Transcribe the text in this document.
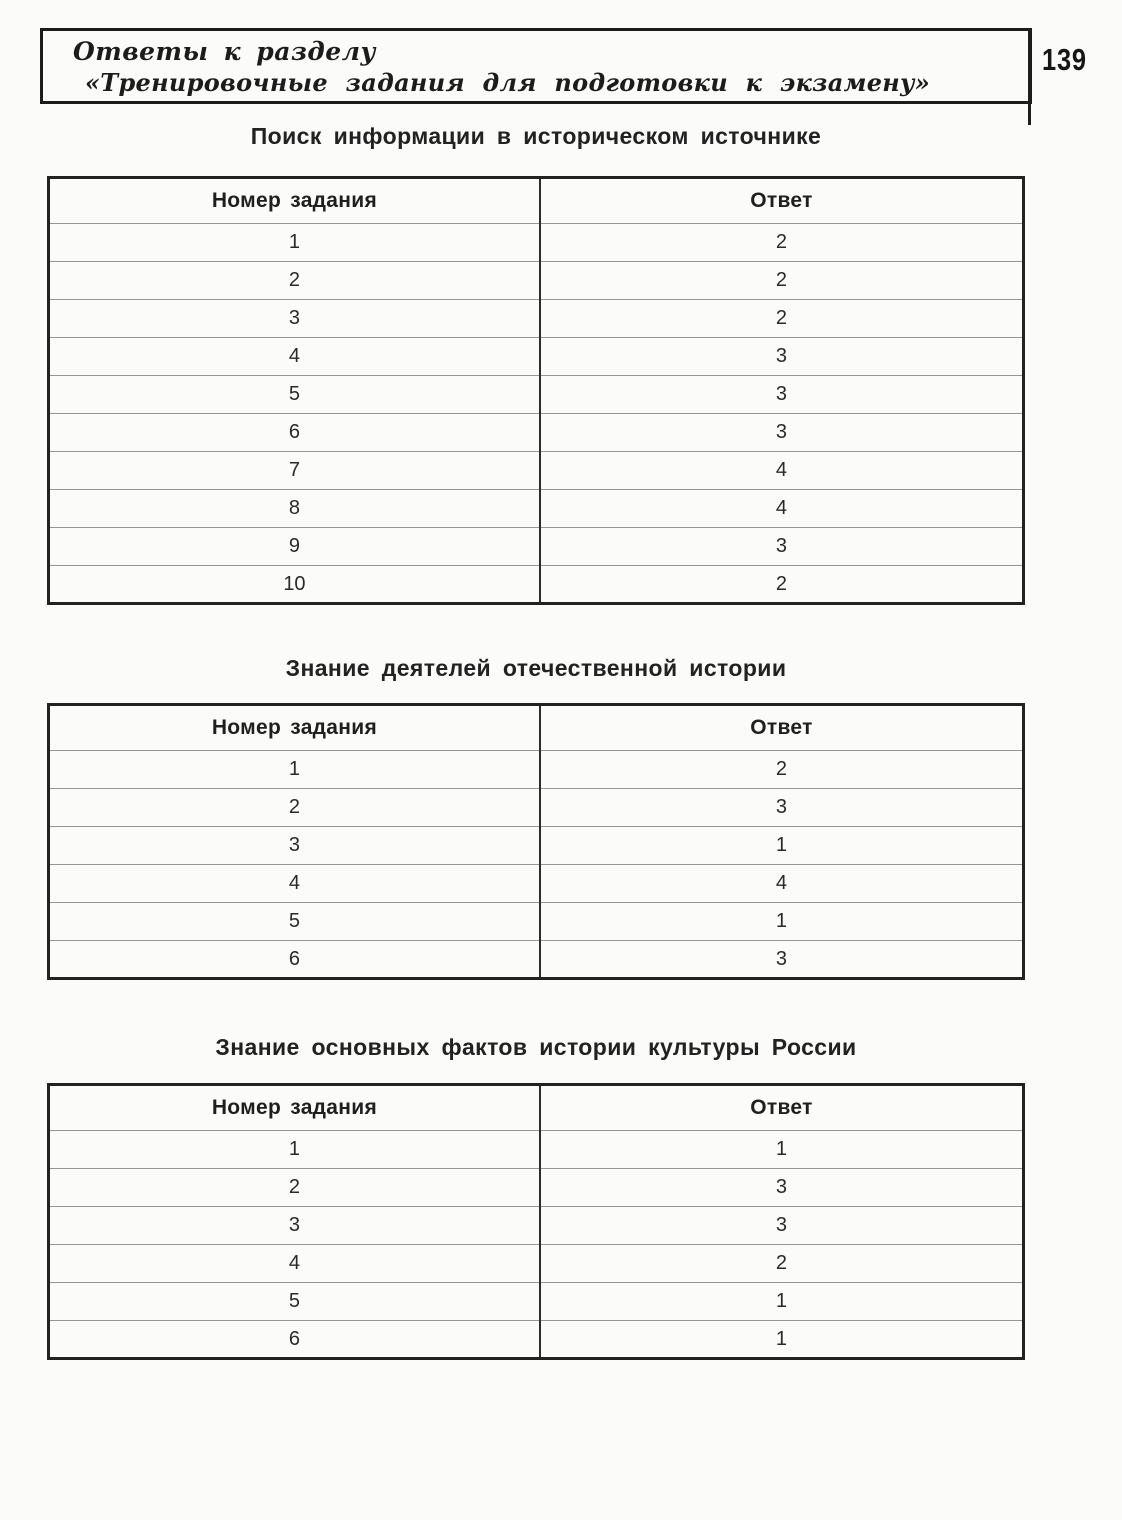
Ответы к разделу
«Тренировочные задания для подготовки к экзамену»
139
Поиск информации в историческом источнике
Номер задания	Ответ
1	2
2	2
3	2
4	3
5	3
6	3
7	4
8	4
9	3
10	2
Знание деятелей отечественной истории
Номер задания	Ответ
1	2
2	3
3	1
4	4
5	1
6	3
Знание основных фактов истории культуры России
Номер задания	Ответ
1	1
2	3
3	3
4	2
5	1
6	1
